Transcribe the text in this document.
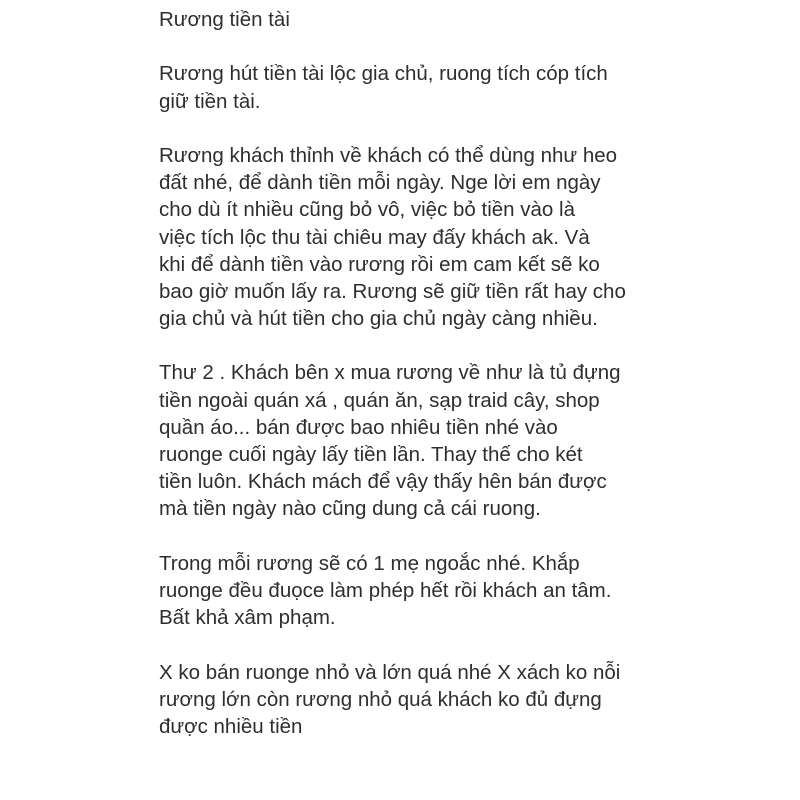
Rương tiền tài
Rương hút tiền tài lộc gia chủ, ruong tích cóp tích
giữ tiền tài.
Rương khách thỉnh về khách có thể dùng như heo
đất nhé, để dành tiền mỗi ngày. Nge lời em ngày
cho dù ít nhiều cũng bỏ vô, việc bỏ tiền vào là
việc tích lộc thu tài chiêu may đấy khách ak. Và
khi để dành tiền vào rương rồi em cam kết sẽ ko
bao giờ muốn lấy ra. Rương sẽ giữ tiền rất hay cho
gia chủ và hút tiền cho gia chủ ngày càng nhiều.
Thư 2 . Khách bên x mua rương về như là tủ đựng
tiền ngoài quán xá , quán ăn, sạp traid cây, shop
quần áo... bán được bao nhiêu tiền nhé vào
ruonge cuối ngày lấy tiền lần. Thay thế cho két
tiền luôn. Khách mách để vậy thấy hên bán được
mà tiền ngày nào cũng dung cả cái ruong.
Trong mỗi rương sẽ có 1 mẹ ngoắc nhé. Khắp
ruonge đều đuọce làm phép hết rồi khách an tâm.
Bất khả xâm phạm.
X ko bán ruonge nhỏ và lớn quá nhé X xách ko nỗi
rương lớn còn rương nhỏ quá khách ko đủ đựng
được nhiều tiền
